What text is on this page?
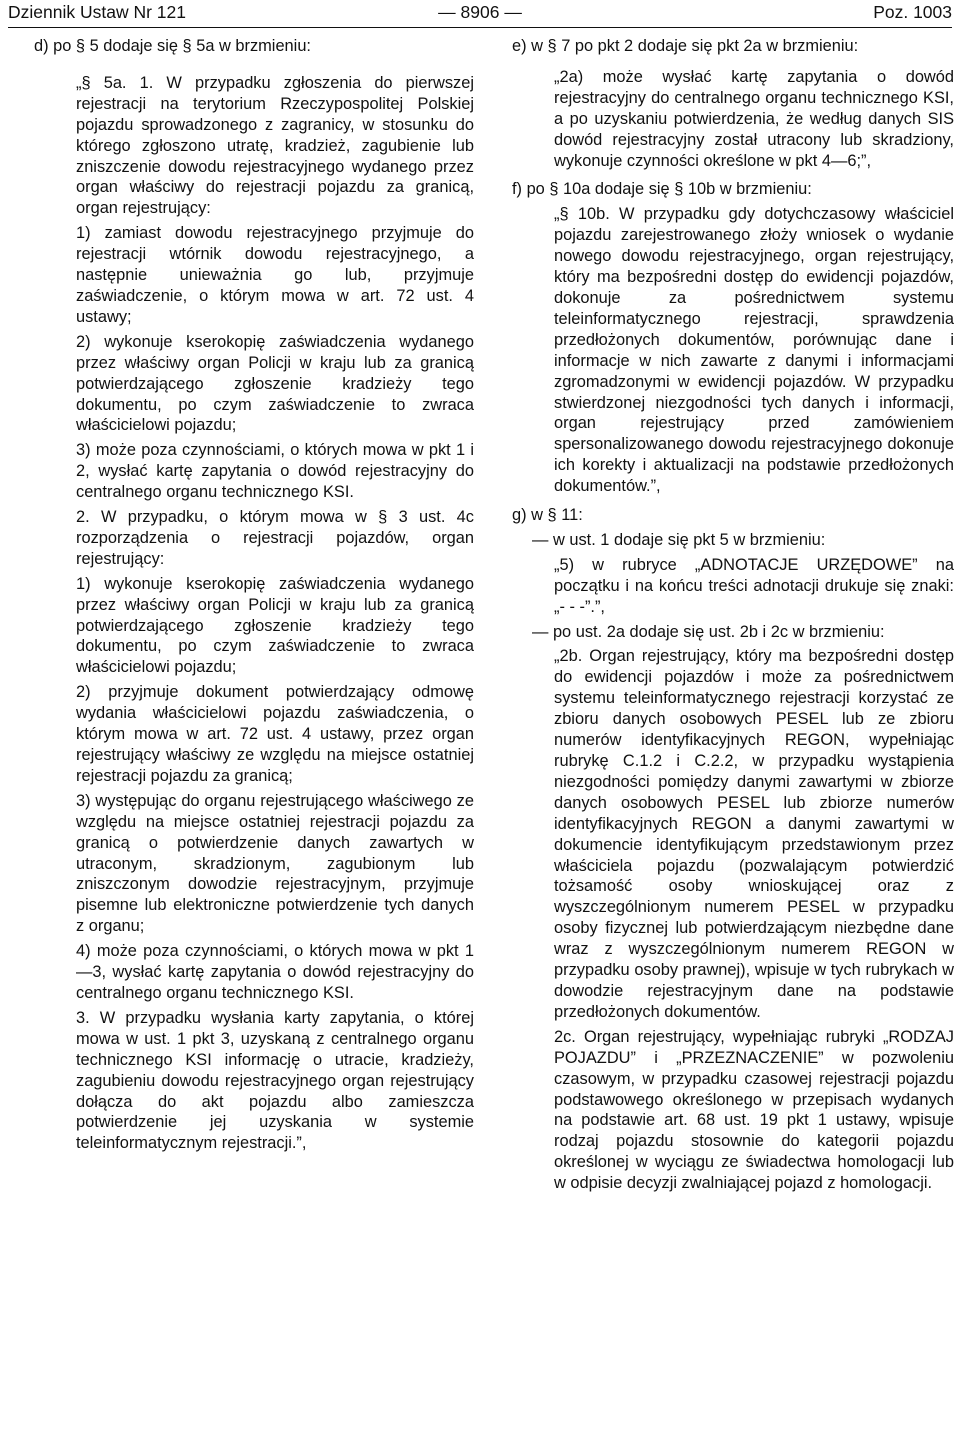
Dziennik Ustaw Nr 121	— 8906 —	Poz. 1003

d) po § 5 dodaje się § 5a w brzmieniu:

„§ 5a. 1. W przypadku zgłoszenia do pierwszej rejestracji na terytorium Rzeczypospolitej Polskiej pojazdu sprowadzonego z zagranicy, w stosunku do którego zgłoszono utratę, kradzież, zagubienie lub zniszczenie dowodu rejestracyjnego wydanego przez organ właściwy do rejestracji pojazdu za granicą, organ rejestrujący:

1) zamiast dowodu rejestracyjnego przyjmuje do rejestracji wtórnik dowodu rejestracyjnego, a następnie unieważnia go lub, przyjmuje zaświadczenie, o którym mowa w art. 72 ust. 4 ustawy;

2) wykonuje kserokopię zaświadczenia wydanego przez właściwy organ Policji w kraju lub za granicą potwierdzającego zgłoszenie kradzieży tego dokumentu, po czym zaświadczenie to zwraca właścicielowi pojazdu;

3) może poza czynnościami, o których mowa w pkt 1 i 2, wysłać kartę zapytania o dowód rejestracyjny do centralnego organu technicznego KSI.

2. W przypadku, o którym mowa w § 3 ust. 4c rozporządzenia o rejestracji pojazdów, organ rejestrujący:

1) wykonuje kserokopię zaświadczenia wydanego przez właściwy organ Policji w kraju lub za granicą potwierdzającego zgłoszenie kradzieży tego dokumentu, po czym zaświadczenie to zwraca właścicielowi pojazdu;

2) przyjmuje dokument potwierdzający odmowę wydania właścicielowi pojazdu zaświadczenia, o którym mowa w art. 72 ust. 4 ustawy, przez organ rejestrujący właściwy ze względu na miejsce ostatniej rejestracji pojazdu za granicą;

3) występując do organu rejestrującego właściwego ze względu na miejsce ostatniej rejestracji pojazdu za granicą o potwierdzenie danych zawartych w utraconym, skradzionym, zagubionym lub zniszczonym dowodzie rejestracyjnym, przyjmuje pisemne lub elektroniczne potwierdzenie tych danych z organu;

4) może poza czynnościami, o których mowa w pkt 1—3, wysłać kartę zapytania o dowód rejestracyjny do centralnego organu technicznego KSI.

3. W przypadku wysłania karty zapytania, o której mowa w ust. 1 pkt 3, uzyskaną z centralnego organu technicznego KSI informację o utracie, kradzieży, zagubieniu dowodu rejestracyjnego organ rejestrujący dołącza do akt pojazdu albo zamieszcza potwierdzenie jej uzyskania w systemie teleinformatycznym rejestracji.”,

e) w § 7 po pkt 2 dodaje się pkt 2a w brzmieniu:

„2a) może wysłać kartę zapytania o dowód rejestracyjny do centralnego organu technicznego KSI, a po uzyskaniu potwierdzenia, że według danych SIS dowód rejestracyjny został utracony lub skradziony, wykonuje czynności określone w pkt 4—6;”,

f) po § 10a dodaje się § 10b w brzmieniu:

„§ 10b. W przypadku gdy dotychczasowy właściciel pojazdu zarejestrowanego złoży wniosek o wydanie nowego dowodu rejestracyjnego, organ rejestrujący, który ma bezpośredni dostęp do ewidencji pojazdów, dokonuje za pośrednictwem systemu teleinformatycznego rejestracji, sprawdzenia przedłożonych dokumentów, porównując dane i informacje w nich zawarte z danymi i informacjami zgromadzonymi w ewidencji pojazdów. W przypadku stwierdzonej niezgodności tych danych i informacji, organ rejestrujący przed zamówieniem spersonalizowanego dowodu rejestracyjnego dokonuje ich korekty i aktualizacji na podstawie przedłożonych dokumentów.”,

g) w § 11:

— w ust. 1 dodaje się pkt 5 w brzmieniu:

„5) w rubryce „ADNOTACJE URZĘDOWE” na początku i na końcu treści adnotacji drukuje się znaki: „- - -”.”,

— po ust. 2a dodaje się ust. 2b i 2c w brzmieniu:

„2b. Organ rejestrujący, który ma bezpośredni dostęp do ewidencji pojazdów i może za pośrednictwem systemu teleinformatycznego rejestracji korzystać ze zbioru danych osobowych PESEL lub ze zbioru numerów identyfikacyjnych REGON, wypełniając rubrykę C.1.2 i C.2.2, w przypadku wystąpienia niezgodności pomiędzy danymi zawartymi w zbiorze danych osobowych PESEL lub zbiorze numerów identyfikacyjnych REGON a danymi zawartymi w dokumencie identyfikującym przedstawionym przez właściciela pojazdu (pozwalającym potwierdzić tożsamość osoby wnioskującej oraz z wyszczególnionym numerem PESEL w przypadku osoby fizycznej lub potwierdzającym niezbędne dane wraz z wyszczególnionym numerem REGON w przypadku osoby prawnej), wpisuje w tych rubrykach w dowodzie rejestracyjnym dane na podstawie przedłożonych dokumentów.

2c. Organ rejestrujący, wypełniając rubryki „RODZAJ POJAZDU” i „PRZEZNACZENIE” w pozwoleniu czasowym, w przypadku czasowej rejestracji pojazdu podstawowego określonego w przepisach wydanych na podstawie art. 68 ust. 19 pkt 1 ustawy, wpisuje rodzaj pojazdu stosownie do kategorii pojazdu określonej w wyciągu ze świadectwa homologacji lub w odpisie decyzji zwalniającej pojazd z homologacji.
